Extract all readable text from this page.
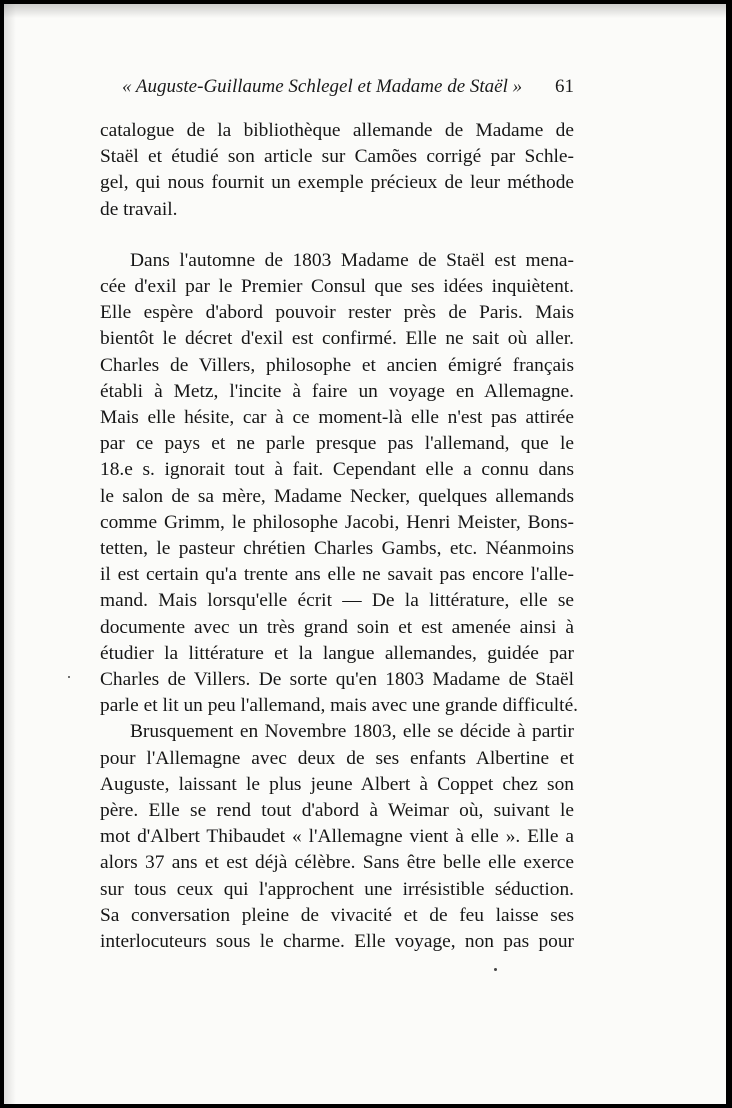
« Auguste-Guillaume Schlegel et Madame de Staël » 61

catalogue de la bibliothèque allemande de Madame de
Staël et étudié son article sur Camões corrigé par Schle-
gel, qui nous fournit un exemple précieux de leur méthode
de travail.

Dans l'automne de 1803 Madame de Staël est mena-
cée d'exil par le Premier Consul que ses idées inquiètent.
Elle espère d'abord pouvoir rester près de Paris. Mais
bientôt le décret d'exil est confirmé. Elle ne sait où aller.
Charles de Villers, philosophe et ancien émigré français
établi à Metz, l'incite à faire un voyage en Allemagne.
Mais elle hésite, car à ce moment-là elle n'est pas attirée
par ce pays et ne parle presque pas l'allemand, que le
18.e s. ignorait tout à fait. Cependant elle a connu dans
le salon de sa mère, Madame Necker, quelques allemands
comme Grimm, le philosophe Jacobi, Henri Meister, Bons-
tetten, le pasteur chrétien Charles Gambs, etc. Néanmoins
il est certain qu'a trente ans elle ne savait pas encore l'alle-
mand. Mais lorsqu'elle écrit — De la littérature, elle se
documente avec un très grand soin et est amenée ainsi à
étudier la littérature et la langue allemandes, guidée par
Charles de Villers. De sorte qu'en 1803 Madame de Staël
parle et lit un peu l'allemand, mais avec une grande difficulté.

Brusquement en Novembre 1803, elle se décide à partir
pour l'Allemagne avec deux de ses enfants Albertine et
Auguste, laissant le plus jeune Albert à Coppet chez son
père. Elle se rend tout d'abord à Weimar où, suivant le
mot d'Albert Thibaudet « l'Allemagne vient à elle ». Elle a
alors 37 ans et est déjà célèbre. Sans être belle elle exerce
sur tous ceux qui l'approchent une irrésistible séduction.
Sa conversation pleine de vivacité et de feu laisse ses
interlocuteurs sous le charme. Elle voyage, non pas pour
